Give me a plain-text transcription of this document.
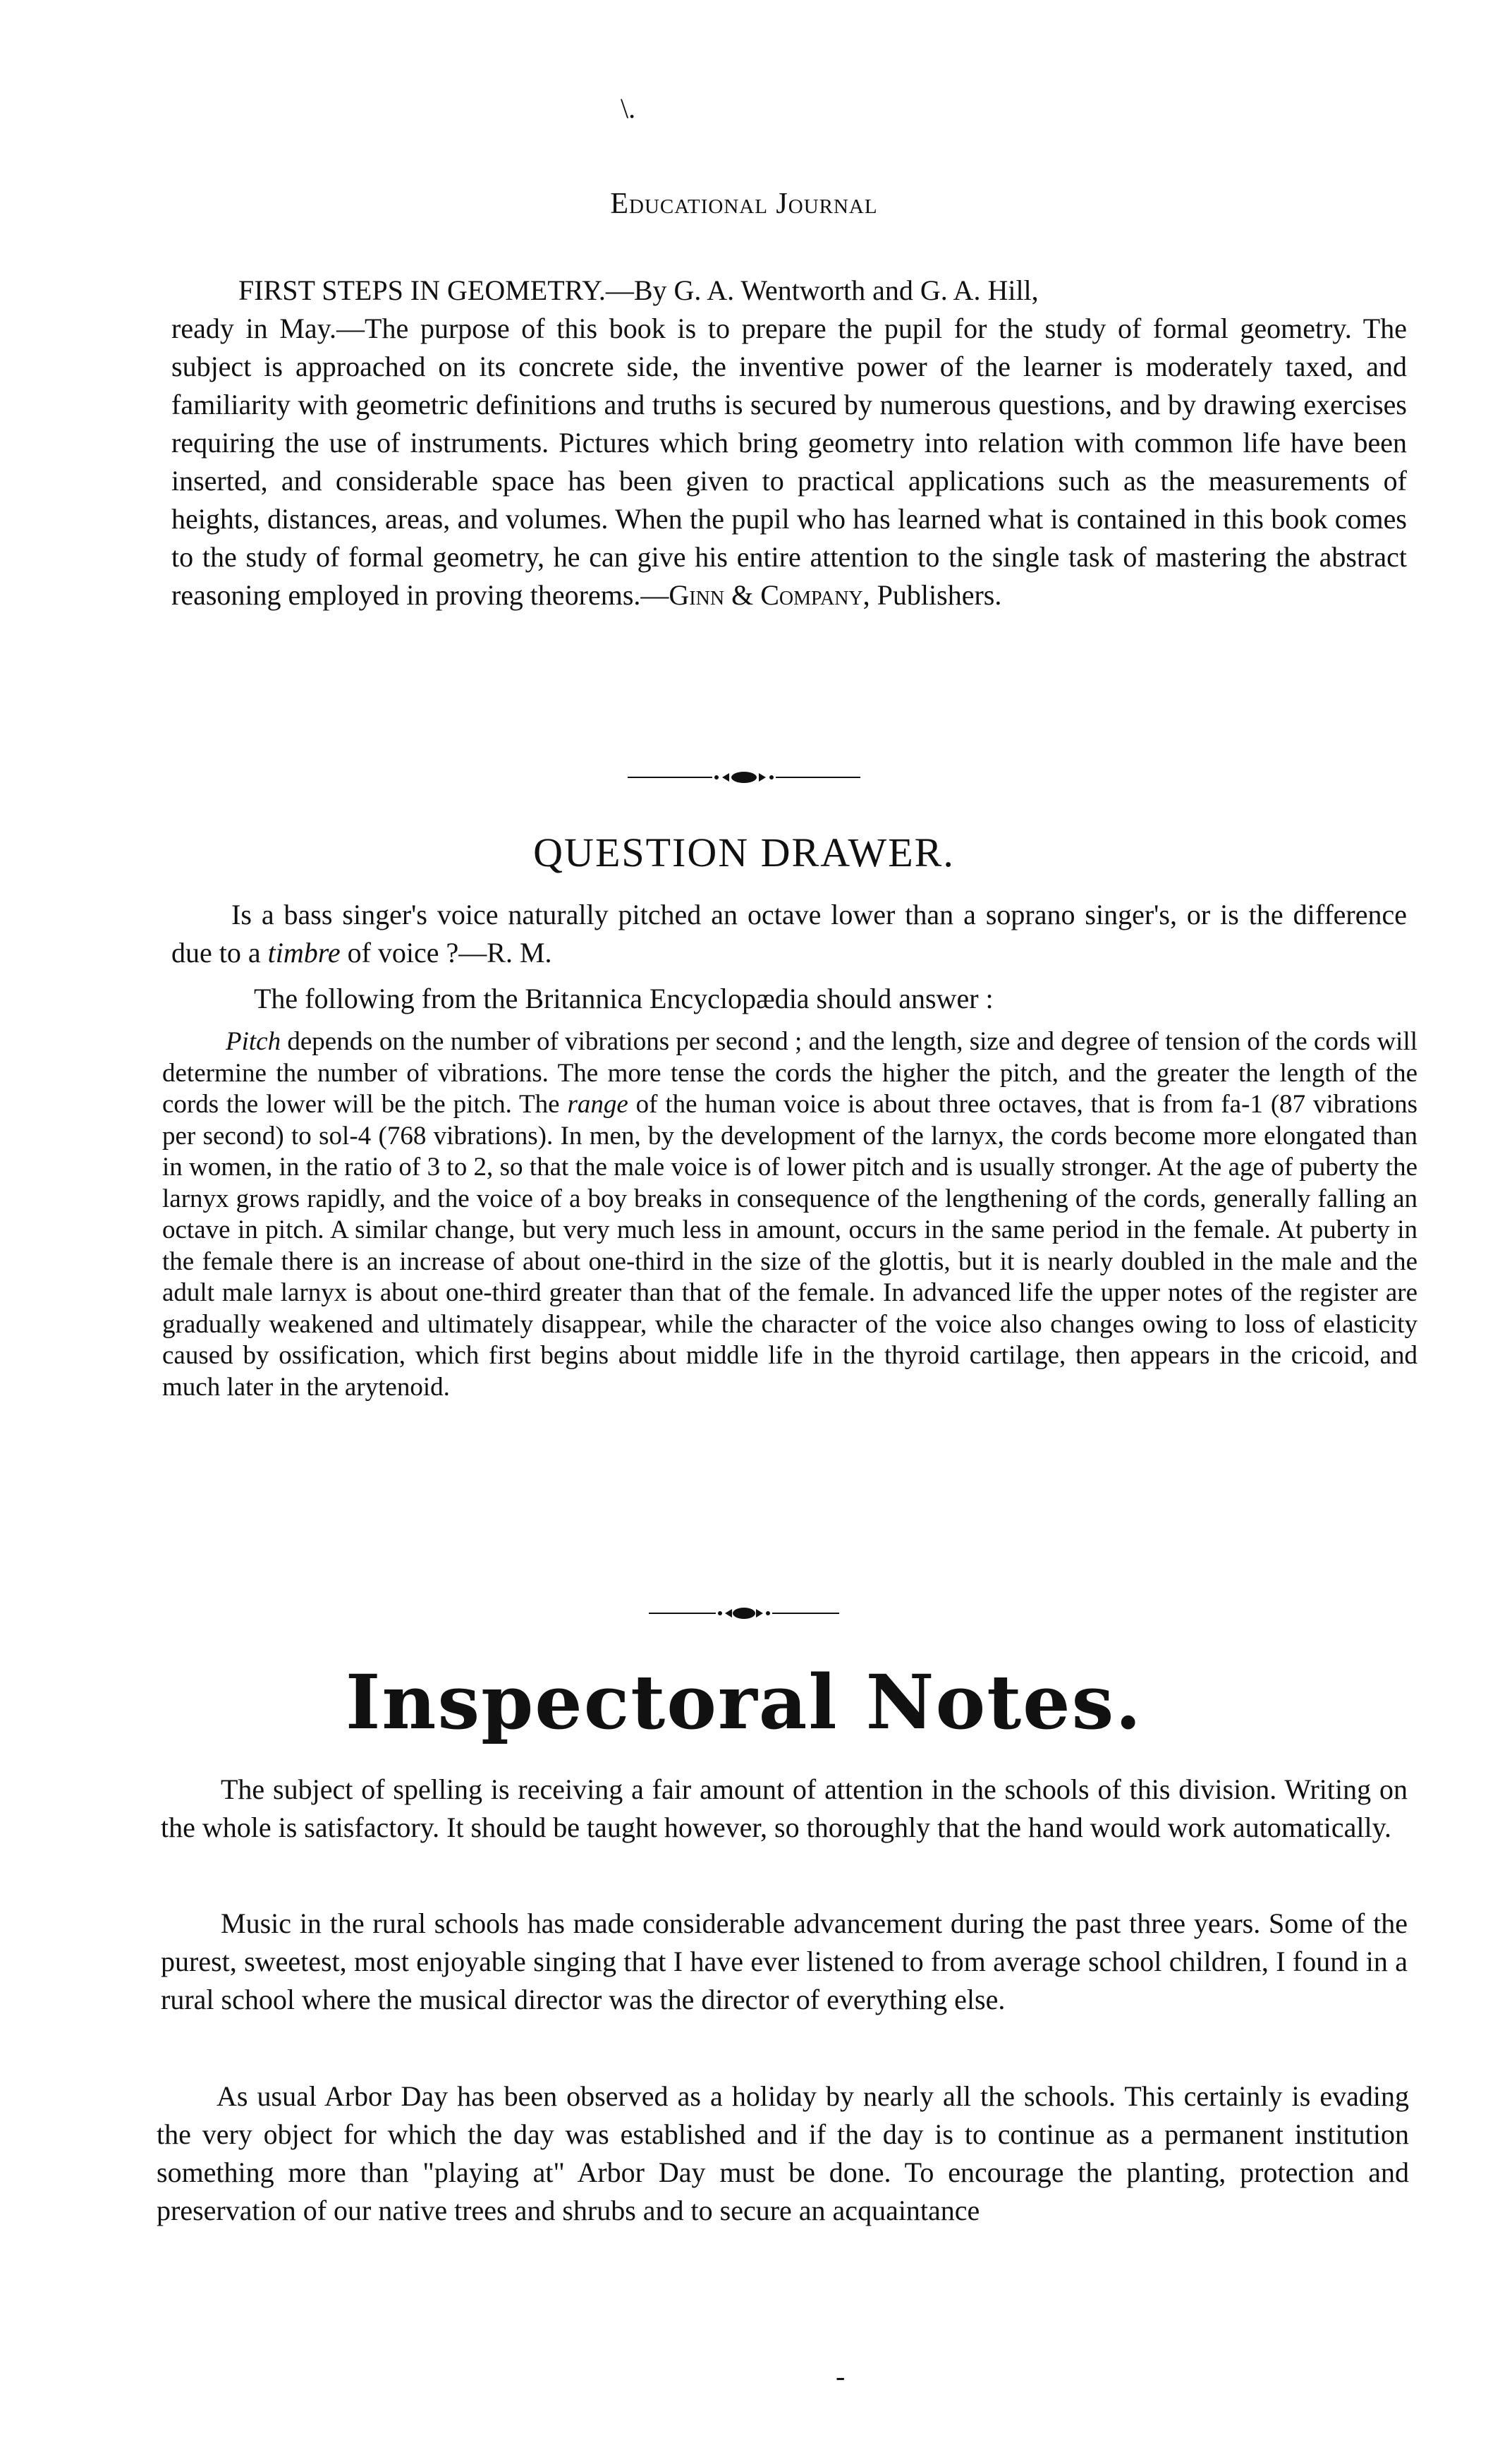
\.
Educational Journal
FIRST STEPS IN GEOMETRY.—By G. A. Wentworth and G. A. Hill,
ready in May.—The purpose of this book is to prepare the pupil for the study of formal geometry. The subject is approached on its concrete side, the inventive power of the learner is moderately taxed, and familiarity with geometric definitions and truths is secured by numerous questions, and by drawing exercises requiring the use of instruments. Pictures which bring geometry into relation with common life have been inserted, and considerable space has been given to practical applications such as the measurements of heights, distances, areas, and volumes. When the pupil who has learned what is contained in this book comes to the study of formal geometry, he can give his entire attention to the single task of mastering the abstract reasoning employed in proving theorems.—Ginn & Company, Publishers.
QUESTION DRAWER.
Is a bass singer's voice naturally pitched an octave lower than a soprano singer's, or is the difference due to a timbre of voice ?—R. M.
The following from the Britannica Encyclopædia should answer :
Pitch depends on the number of vibrations per second ; and the length, size and degree of tension of the cords will determine the number of vibrations. The more tense the cords the higher the pitch, and the greater the length of the cords the lower will be the pitch. The range of the human voice is about three octaves, that is from fa-1 (87 vibrations per second) to sol-4 (768 vibrations). In men, by the development of the larnyx, the cords become more elongated than in women, in the ratio of 3 to 2, so that the male voice is of lower pitch and is usually stronger. At the age of puberty the larnyx grows rapidly, and the voice of a boy breaks in consequence of the lengthening of the cords, generally falling an octave in pitch. A similar change, but very much less in amount, occurs in the same period in the female. At puberty in the female there is an increase of about one-third in the size of the glottis, but it is nearly doubled in the male and the adult male larnyx is about one-third greater than that of the female. In advanced life the upper notes of the register are gradually weakened and ultimately disappear, while the character of the voice also changes owing to loss of elasticity caused by ossification, which first begins about middle life in the thyroid cartilage, then appears in the cricoid, and much later in the arytenoid.
Inspectoral Notes.
The subject of spelling is receiving a fair amount of attention in the schools of this division. Writing on the whole is satisfactory. It should be taught however, so thoroughly that the hand would work automatically.
Music in the rural schools has made considerable advancement during the past three years. Some of the purest, sweetest, most enjoyable singing that I have ever listened to from average school children, I found in a rural school where the musical director was the director of everything else.
As usual Arbor Day has been observed as a holiday by nearly all the schools. This certainly is evading the very object for which the day was established and if the day is to continue as a permanent institution something more than "playing at" Arbor Day must be done. To encourage the planting, protection and preservation of our native trees and shrubs and to secure an acquaintance
-
